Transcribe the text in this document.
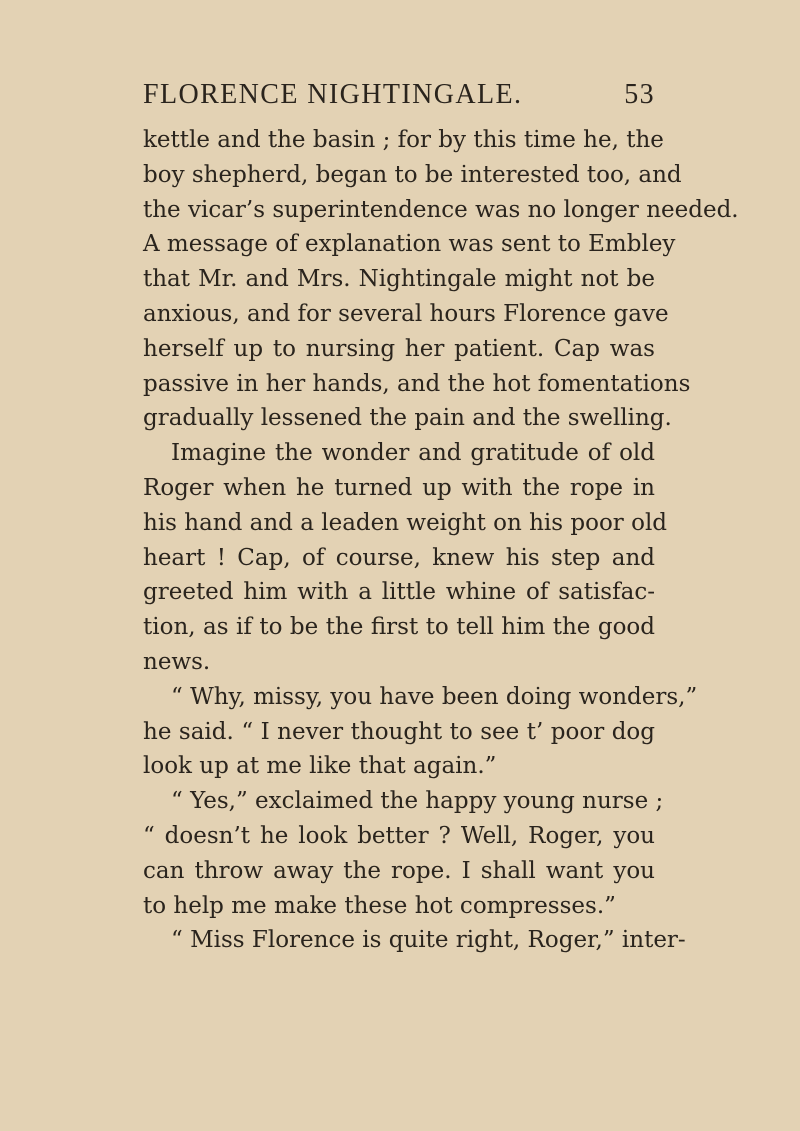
FLORENCE NIGHTINGALE.	53
kettle and the basin ; for by this time he, the
boy shepherd, began to be interested too, and
the vicar’s superintendence was no longer needed.
A message of explanation was sent to Embley
that Mr. and Mrs. Nightingale might not be
anxious, and for several hours Florence gave
herself up to nursing her patient. Cap was
passive in her hands, and the hot fomentations
gradually lessened the pain and the swelling.
Imagine the wonder and gratitude of old
Roger when he turned up with the rope in
his hand and a leaden weight on his poor old
heart ! Cap, of course, knew his step and
greeted him with a little whine of satisfac-
tion, as if to be the first to tell him the good
news.
“ Why, missy, you have been doing wonders,”
he said. “ I never thought to see t’ poor dog
look up at me like that again.”
“ Yes,” exclaimed the happy young nurse ;
“ doesn’t he look better ? Well, Roger, you
can throw away the rope. I shall want you
to help me make these hot compresses.”
“ Miss Florence is quite right, Roger,” inter-
